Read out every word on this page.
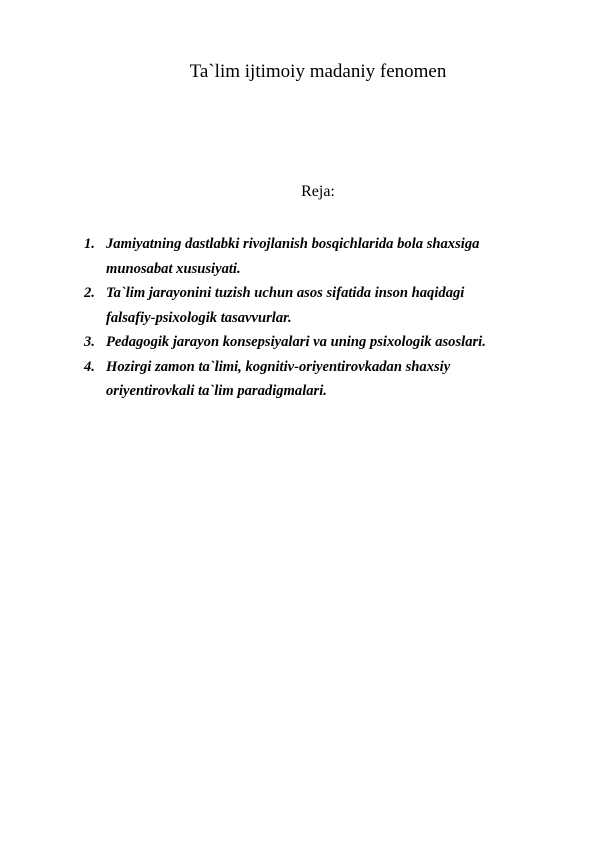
Ta`lim ijtimoiy madaniy fenomen
Reja:
1. Jamiyatning dastlabki rivojlanish bosqichlarida bola shaxsiga
munosabat xususiyati.
2. Ta`lim jarayonini tuzish uchun asos sifatida inson haqidagi
falsafiy-psixologik tasavvurlar.
3. Pedagogik jarayon konsepsiyalari va uning psixologik asoslari.
4. Hozirgi zamon ta`limi, kognitiv-oriyentirovkadan shaxsiy
oriyentirovkali ta`lim paradigmalari.
